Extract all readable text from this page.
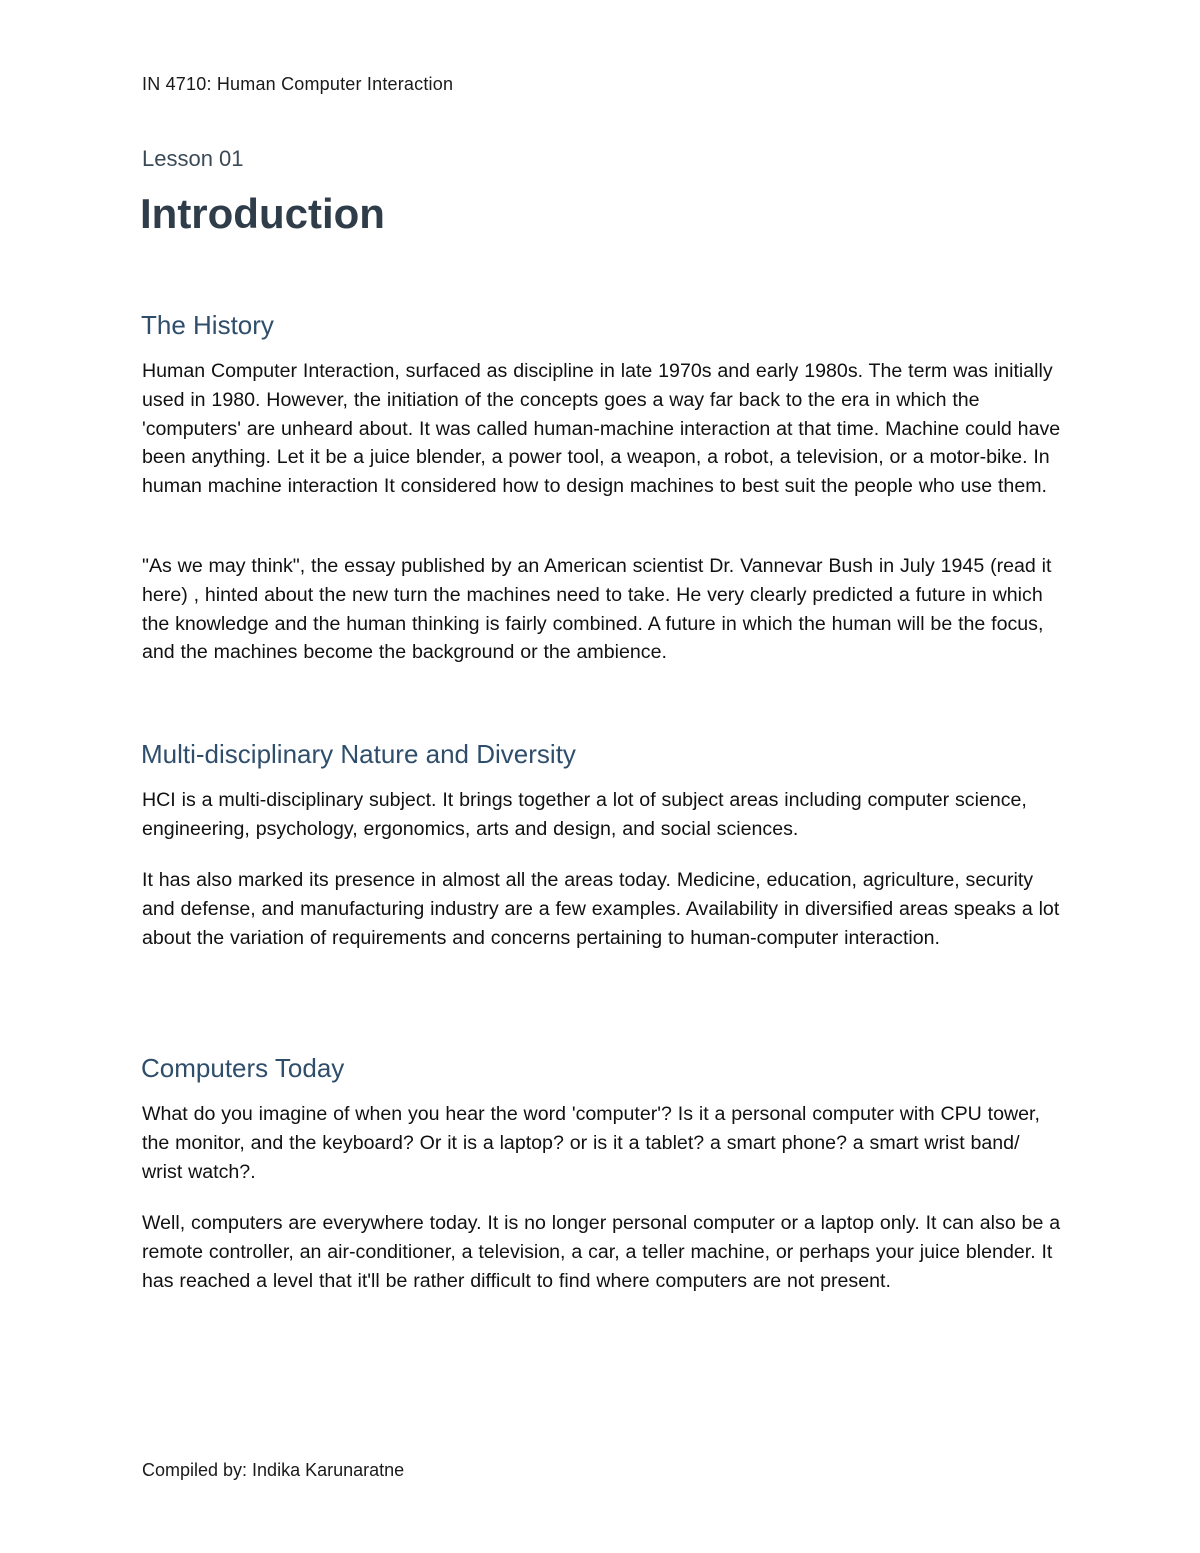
IN 4710: Human Computer Interaction
Lesson 01
Introduction
The History

Human Computer Interaction, surfaced as discipline in late 1970s and early 1980s. The term was initially used in 1980. However, the initiation of the concepts goes a way far back to the era in which the 'computers' are unheard about. It was called human-machine interaction at that time. Machine could have been anything. Let it be a juice blender, a power tool, a weapon, a robot, a television, or a motor-bike. In human machine interaction It considered how to design machines to best suit the people who use them.

"As we may think", the essay published by an American scientist Dr. Vannevar Bush in July 1945 (read it here) , hinted about the new turn the machines need to take. He very clearly predicted a future in which the knowledge and the human thinking is fairly combined. A future in which the human will be the focus, and the machines become the background or the ambience.

Multi-disciplinary Nature and Diversity

HCI is a multi-disciplinary subject. It brings together a lot of subject areas including computer science, engineering, psychology, ergonomics, arts and design, and social sciences.

It has also marked its presence in almost all the areas today. Medicine, education, agriculture, security and defense, and manufacturing industry are a few examples. Availability in diversified areas speaks a lot about the variation of requirements and concerns pertaining to human-computer interaction.

Computers Today

What do you imagine of when you hear the word 'computer'? Is it a personal computer with CPU tower, the monitor, and the keyboard? Or it is a laptop? or is it a tablet? a smart phone? a smart wrist band/ wrist watch?.

Well, computers are everywhere today. It is no longer personal computer or a laptop only. It can also be a remote controller, an air-conditioner, a television, a car, a teller machine, or perhaps your juice blender. It has reached a level that it'll be rather difficult to find where computers are not present.

Compiled by: Indika Karunaratne
